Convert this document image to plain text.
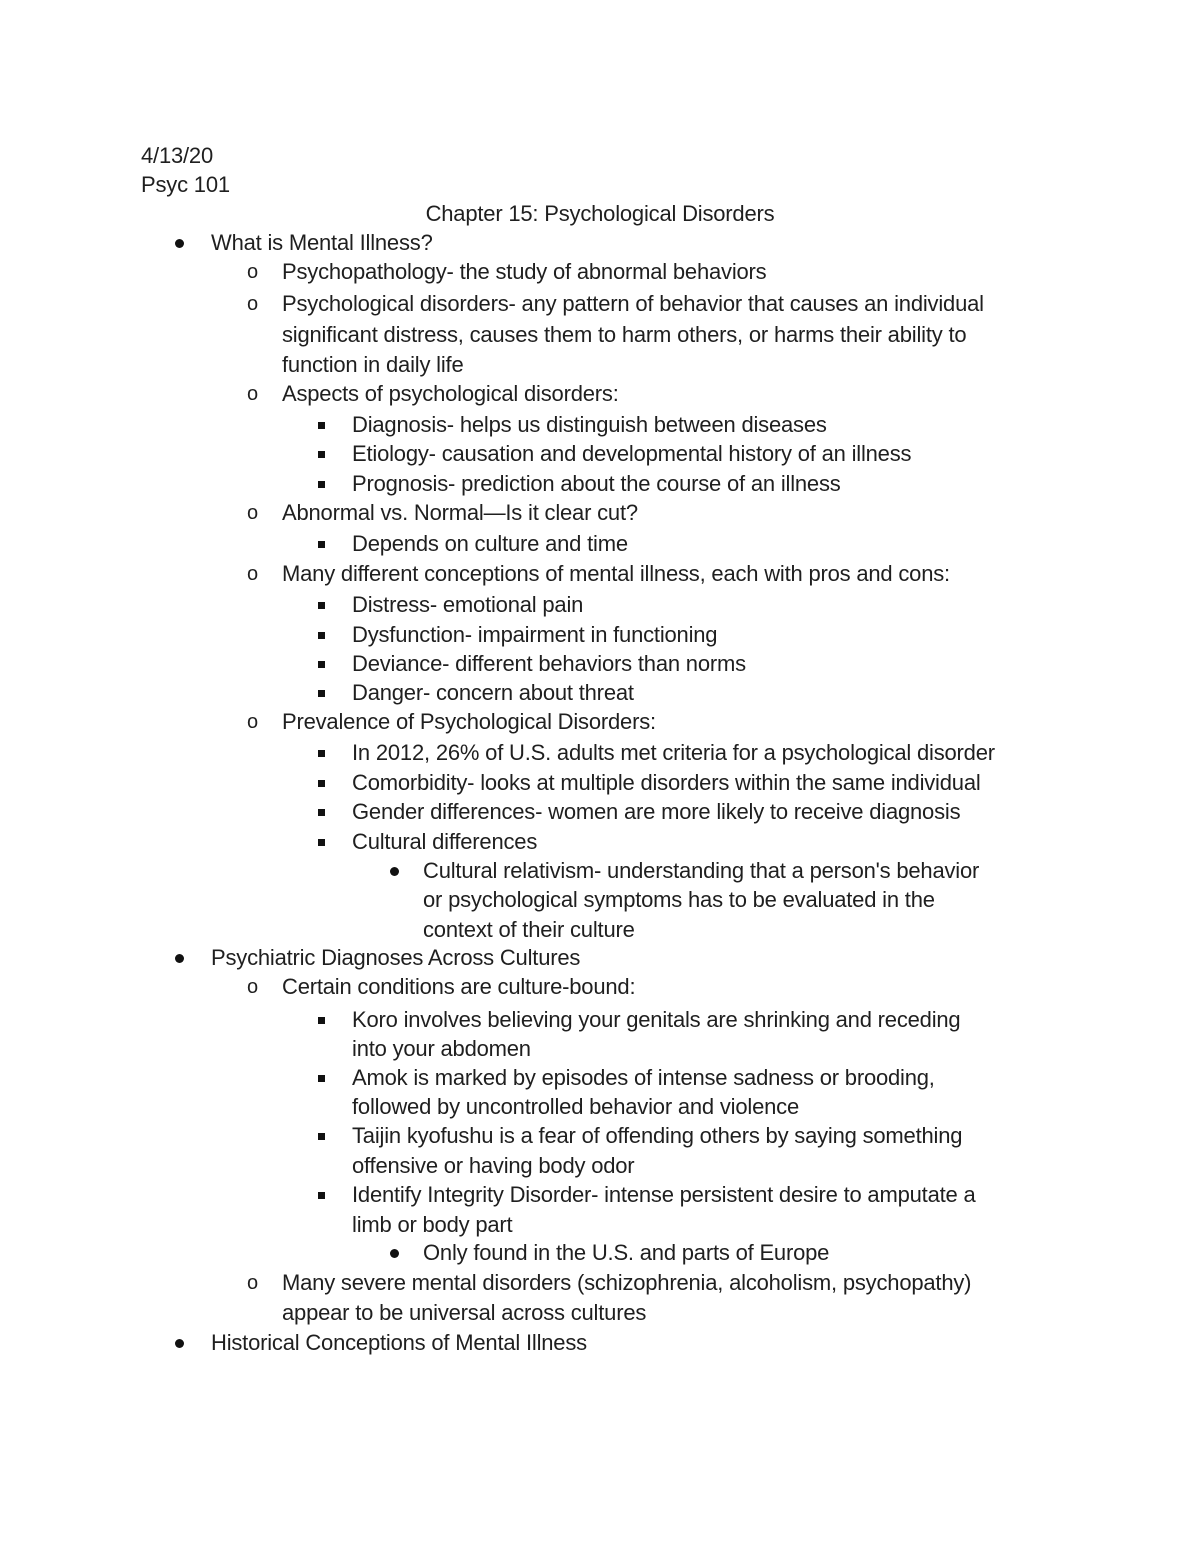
4/13/20
Psyc 101
Chapter 15: Psychological Disorders
What is Mental Illness?
o Psychopathology- the study of abnormal behaviors
o Psychological disorders- any pattern of behavior that causes an individual
significant distress, causes them to harm others, or harms their ability to
function in daily life
o Aspects of psychological disorders:
Diagnosis- helps us distinguish between diseases
Etiology- causation and developmental history of an illness
Prognosis- prediction about the course of an illness
o Abnormal vs. Normal—Is it clear cut?
Depends on culture and time
o Many different conceptions of mental illness, each with pros and cons:
Distress- emotional pain
Dysfunction- impairment in functioning
Deviance- different behaviors than norms
Danger- concern about threat
o Prevalence of Psychological Disorders:
In 2012, 26% of U.S. adults met criteria for a psychological disorder
Comorbidity- looks at multiple disorders within the same individual
Gender differences- women are more likely to receive diagnosis
Cultural differences
Cultural relativism- understanding that a person's behavior
or psychological symptoms has to be evaluated in the
context of their culture
Psychiatric Diagnoses Across Cultures
o Certain conditions are culture-bound:
Koro involves believing your genitals are shrinking and receding
into your abdomen
Amok is marked by episodes of intense sadness or brooding,
followed by uncontrolled behavior and violence
Taijin kyofushu is a fear of offending others by saying something
offensive or having body odor
Identify Integrity Disorder- intense persistent desire to amputate a
limb or body part
Only found in the U.S. and parts of Europe
o Many severe mental disorders (schizophrenia, alcoholism, psychopathy)
appear to be universal across cultures
Historical Conceptions of Mental Illness
